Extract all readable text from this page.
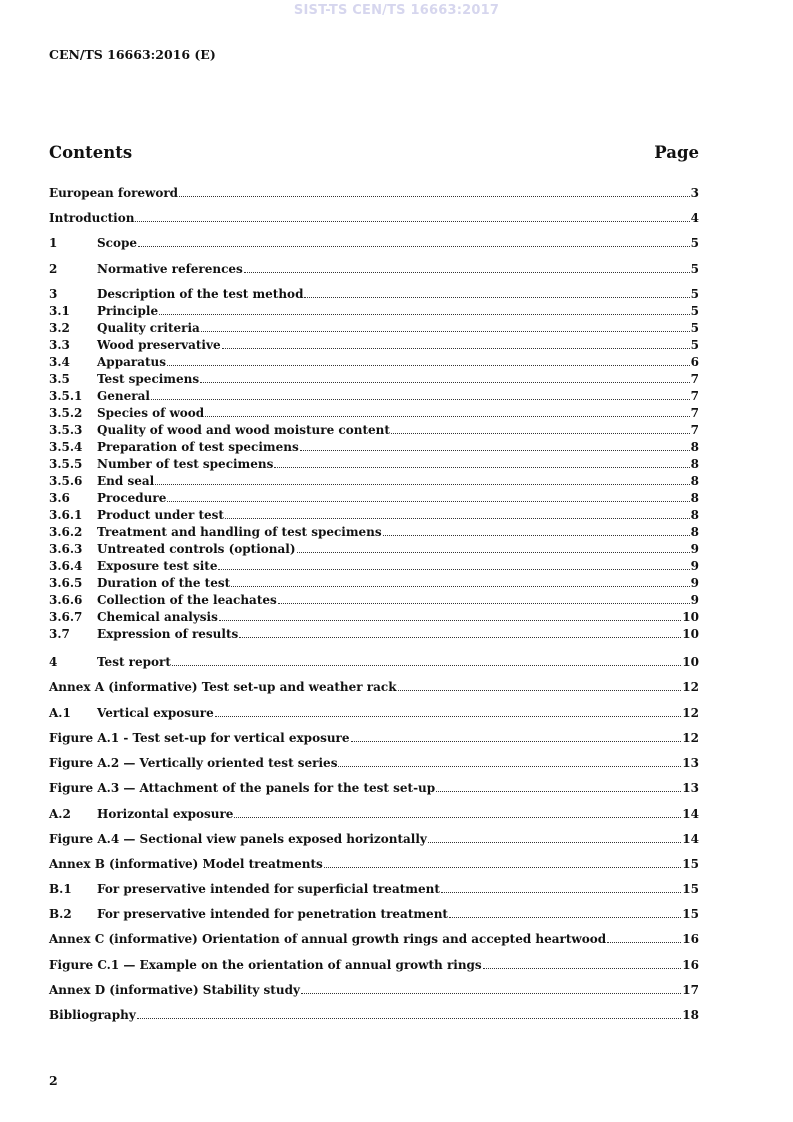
SIST-TS CEN/TS 16663:2017
CEN/TS 16663:2016 (E)
Contents	Page
European foreword	3
Introduction	4
1	Scope	5
2	Normative references	5
3	Description of the test method	5
3.1	Principle	5
3.2	Quality criteria	5
3.3	Wood preservative	5
3.4	Apparatus	6
3.5	Test specimens	7
3.5.1	General	7
3.5.2	Species of wood	7
3.5.3	Quality of wood and wood moisture content	7
3.5.4	Preparation of test specimens	8
3.5.5	Number of test specimens	8
3.5.6	End seal	8
3.6	Procedure	8
3.6.1	Product under test	8
3.6.2	Treatment and handling of test specimens	8
3.6.3	Untreated controls (optional)	9
3.6.4	Exposure test site	9
3.6.5	Duration of the test	9
3.6.6	Collection of the leachates	9
3.6.7	Chemical analysis	10
3.7	Expression of results	10
4	Test report	10
Annex A (informative) Test set-up and weather rack	12
A.1	Vertical exposure	12
Figure A.1 - Test set-up for vertical exposure	12
Figure A.2 — Vertically oriented test series	13
Figure A.3 — Attachment of the panels for the test set-up	13
A.2	Horizontal exposure	14
Figure A.4 — Sectional view panels exposed horizontally	14
Annex B (informative) Model treatments	15
B.1	For preservative intended for superficial treatment	15
B.2	For preservative intended for penetration treatment	15
Annex C (informative) Orientation of annual growth rings and accepted heartwood	16
Figure C.1 — Example on the orientation of annual growth rings	16
Annex D (informative) Stability study	17
Bibliography	18
2
